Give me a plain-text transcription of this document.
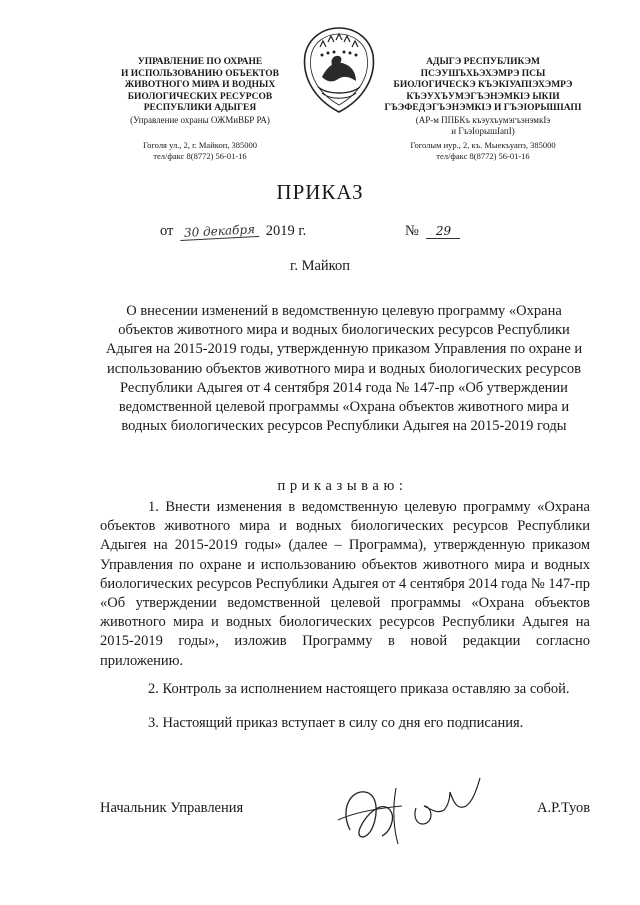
УПРАВЛЕНИЕ ПО ОХРАНЕ
И ИСПОЛЬЗОВАНИЮ ОБЪЕКТОВ
ЖИВОТНОГО МИРА И ВОДНЫХ
БИОЛОГИЧЕСКИХ РЕСУРСОВ
РЕСПУБЛИКИ АДЫГЕЯ
(Управление охраны ОЖМиВБР РА)
Гоголя ул., 2, г. Майкоп, 385000
тел/факс 8(8772) 56-01-16
АДЫГЭ РЕСПУБЛИКЭМ
ПСЭУШЪХЬЭХЭМРЭ ПСЫ
БИОЛОГИЧЕСКЭ КЪЭКIУАПIЭХЭМРЭ
КЪЭУХЪУМЭГЪЭНЭМКIЭ ЫКIИ
ГЪЭФЕДЭГЪЭНЭМКIЭ И ГЪЭIОРЫШIАПI
(АР-м ППБКъ къэухъумэгъэнэмкIэ
и ГъэIорышIапI)
Гоголым иур., 2, къ. Мыекъуапэ, 385000
тел/факс 8(8772) 56-01-16
ПРИКАЗ
от 30 декабря 2019 г.	№ 29
г. Майкоп
О внесении изменений в ведомственную целевую программу «Охрана объектов животного мира и водных биологических ресурсов Республики Адыгея на 2015-2019 годы, утвержденную приказом Управления по охране и использованию объектов животного мира и водных биологических ресурсов Республики Адыгея от 4 сентября 2014 года № 147-пр «Об утверждении ведомственной целевой программы «Охрана объектов животного мира и водных биологических ресурсов Республики Адыгея на 2015-2019 годы
приказываю:
1. Внести изменения в ведомственную целевую программу «Охрана объектов животного мира и водных биологических ресурсов Республики Адыгея на 2015-2019 годы» (далее – Программа), утвержденную приказом Управления по охране и использованию объектов животного мира и водных биологических ресурсов Республики Адыгея от 4 сентября 2014 года № 147-пр «Об утверждении ведомственной целевой программы «Охрана объектов животного мира и водных биологических ресурсов Республики Адыгея на 2015-2019 годы», изложив Программу в новой редакции согласно приложению.
2. Контроль за исполнением настоящего приказа оставляю за собой.
3. Настоящий приказ вступает в силу со дня его подписания.
Начальник Управления	А.Р.Туов
